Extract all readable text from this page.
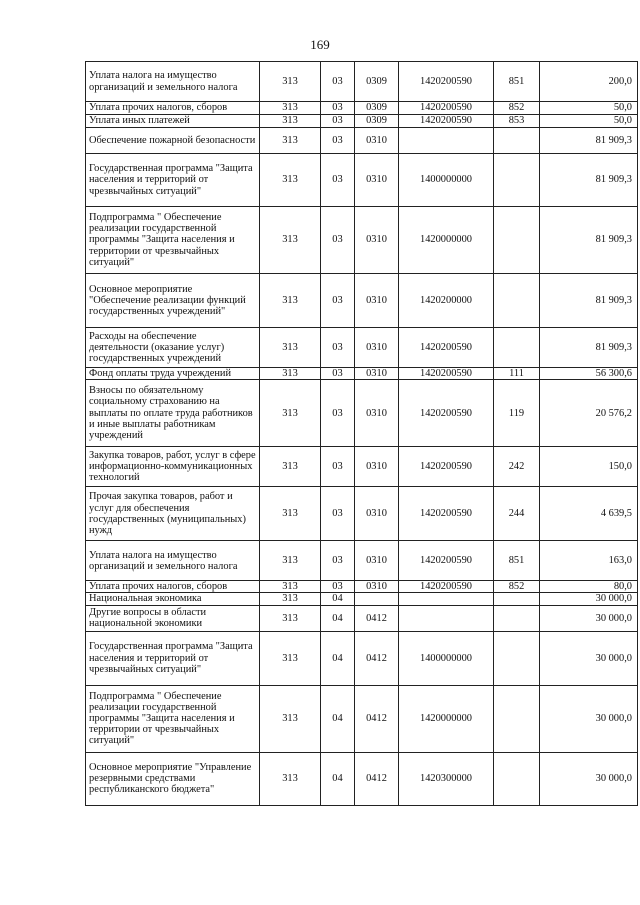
169
Уплата налога на имущество организаций и земельного налога	313	03	0309	1420200590	851	200,0
Уплата прочих налогов, сборов	313	03	0309	1420200590	852	50,0
Уплата иных платежей	313	03	0309	1420200590	853	50,0
Обеспечение пожарной безопасности	313	03	0310			81 909,3
Государственная программа "Защита населения и территорий от чрезвычайных ситуаций"	313	03	0310	1400000000		81 909,3
Подпрограмма " Обеспечение реализации государственной программы "Защита населения и территории от чрезвычайных ситуаций"	313	03	0310	1420000000		81 909,3
Основное мероприятие "Обеспечение реализации функций государственных учреждений"	313	03	0310	1420200000		81 909,3
Расходы на обеспечение деятельности (оказание услуг) государственных учреждений	313	03	0310	1420200590		81 909,3
Фонд оплаты труда учреждений	313	03	0310	1420200590	111	56 300,6
Взносы по обязательному социальному страхованию на выплаты по оплате труда работников и иные выплаты работникам учреждений	313	03	0310	1420200590	119	20 576,2
Закупка товаров, работ, услуг в сфере информационно-коммуникационных технологий	313	03	0310	1420200590	242	150,0
Прочая закупка товаров, работ и услуг для обеспечения государственных (муниципальных) нужд	313	03	0310	1420200590	244	4 639,5
Уплата налога на имущество организаций и земельного налога	313	03	0310	1420200590	851	163,0
Уплата прочих налогов, сборов	313	03	0310	1420200590	852	80,0
Национальная экономика	313	04				30 000,0
Другие вопросы в области национальной экономики	313	04	0412			30 000,0
Государственная программа "Защита населения и территорий от чрезвычайных ситуаций"	313	04	0412	1400000000		30 000,0
Подпрограмма " Обеспечение реализации государственной программы "Защита населения и территории от чрезвычайных ситуаций"	313	04	0412	1420000000		30 000,0
Основное мероприятие "Управление резервными средствами республиканского бюджета"	313	04	0412	1420300000		30 000,0
